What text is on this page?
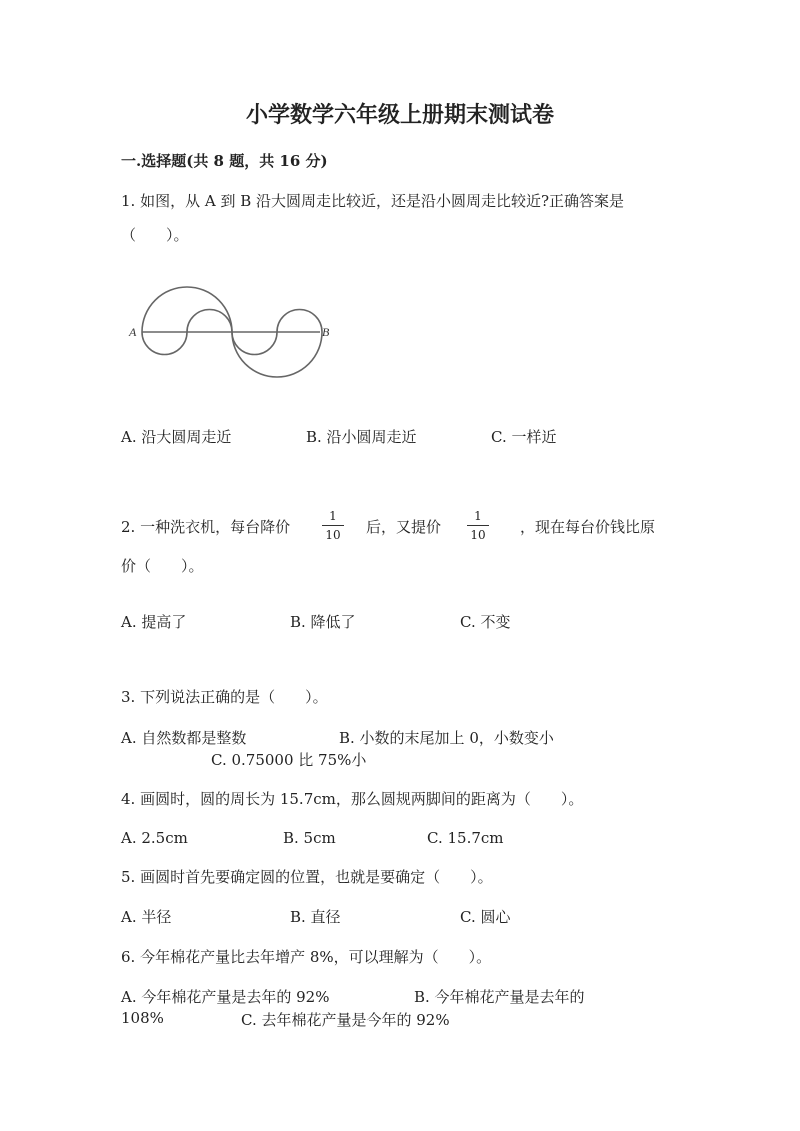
小学数学六年级上册期末测试卷
一.选择题(共 8 题，共 16 分)
1. 如图，从 A 到 B 沿大圆周走比较近，还是沿小圆周走比较近?正确答案是
（　　）。
A	B
A. 沿大圆周走近	B. 沿小圆周走近	C. 一样近
2. 一种洗衣机，每台降价
1
10 后，又提价
1
10 ，现在每台价钱比原
价（　　）。
A. 提高了	B. 降低了	C. 不变
3. 下列说法正确的是（　　）。
A. 自然数都是整数	B. 小数的末尾加上 0，小数变小
C. 0.75000 比 75%小
4. 画圆时，圆的周长为 15.7cm，那么圆规两脚间的距离为（　　）。
A. 2.5cm	B. 5cm	C. 15.7cm
5. 画圆时首先要确定圆的位置，也就是要确定（　　）。
A. 半径	B. 直径	C. 圆心
6. 今年棉花产量比去年增产 8%，可以理解为（　　）。
A. 今年棉花产量是去年的 92%	B. 今年棉花产量是去年的
108%	C. 去年棉花产量是今年的 92%
